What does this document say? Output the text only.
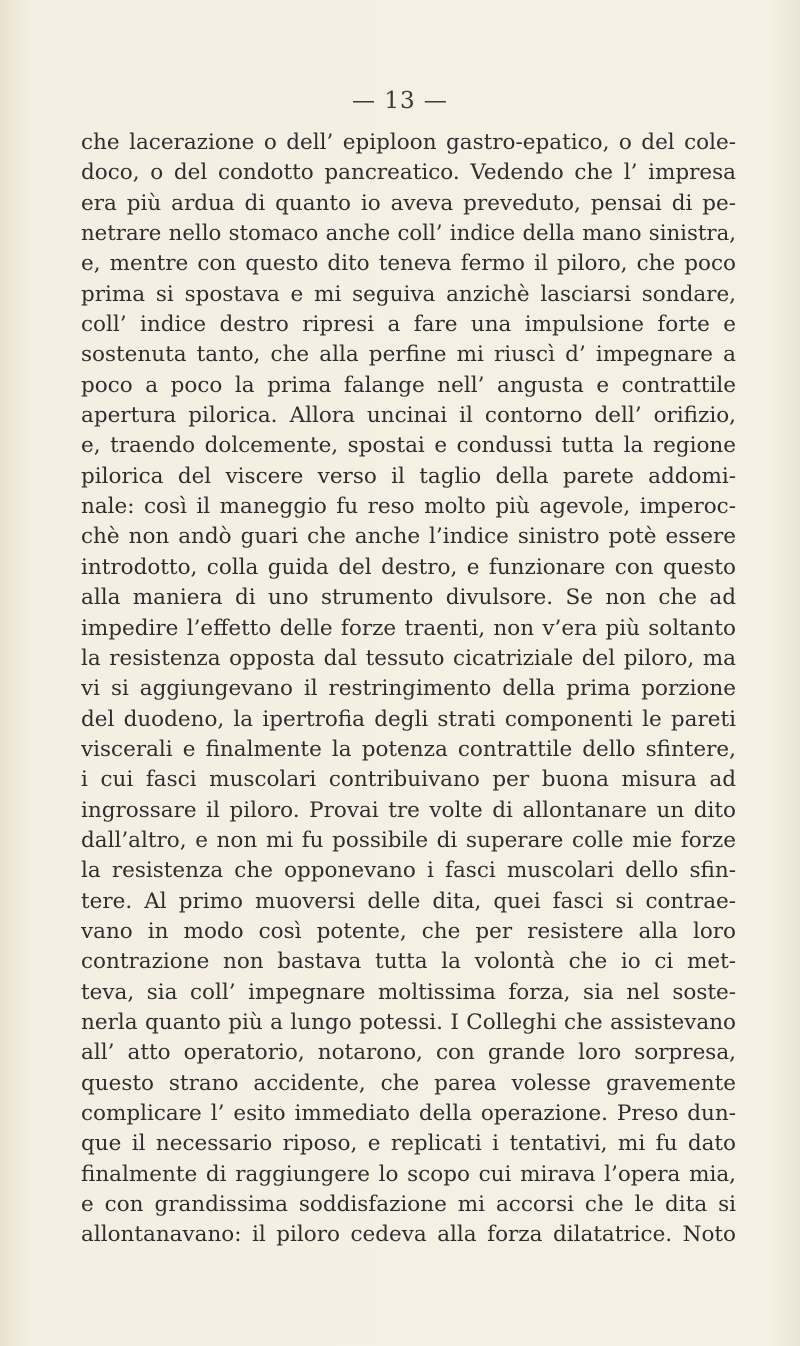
— 13 —
che lacerazione o dell’ epiploon gastro-epatico, o del cole-
doco, o del condotto pancreatico. Vedendo che l’ impresa
era più ardua di quanto io aveva preveduto, pensai di pe-
netrare nello stomaco anche coll’ indice della mano sinistra,
e, mentre con questo dito teneva fermo il piloro, che poco
prima si spostava e mi seguiva anzichè lasciarsi sondare,
coll’ indice destro ripresi a fare una impulsione forte e
sostenuta tanto, che alla perfine mi riuscì d’ impegnare a
poco a poco la prima falange nell’ angusta e contrattile
apertura pilorica. Allora uncinai il contorno dell’ orifizio,
e, traendo dolcemente, spostai e condussi tutta la regione
pilorica del viscere verso il taglio della parete addomi-
nale: così il maneggio fu reso molto più agevole, imperoc-
chè non andò guari che anche l’indice sinistro potè essere
introdotto, colla guida del destro, e funzionare con questo
alla maniera di uno strumento divulsore. Se non che ad
impedire l’effetto delle forze traenti, non v’era più soltanto
la resistenza opposta dal tessuto cicatriziale del piloro, ma
vi si aggiungevano il restringimento della prima porzione
del duodeno, la ipertrofia degli strati componenti le pareti
viscerali e finalmente la potenza contrattile dello sfintere,
i cui fasci muscolari contribuivano per buona misura ad
ingrossare il piloro. Provai tre volte di allontanare un dito
dall’altro, e non mi fu possibile di superare colle mie forze
la resistenza che opponevano i fasci muscolari dello sfin-
tere. Al primo muoversi delle dita, quei fasci si contrae-
vano in modo così potente, che per resistere alla loro
contrazione non bastava tutta la volontà che io ci met-
teva, sia coll’ impegnare moltissima forza, sia nel soste-
nerla quanto più a lungo potessi. I Colleghi che assistevano
all’ atto operatorio, notarono, con grande loro sorpresa,
questo strano accidente, che parea volesse gravemente
complicare l’ esito immediato della operazione. Preso dun-
que il necessario riposo, e replicati i tentativi, mi fu dato
finalmente di raggiungere lo scopo cui mirava l’opera mia,
e con grandissima soddisfazione mi accorsi che le dita si
allontanavano: il piloro cedeva alla forza dilatatrice. Noto
